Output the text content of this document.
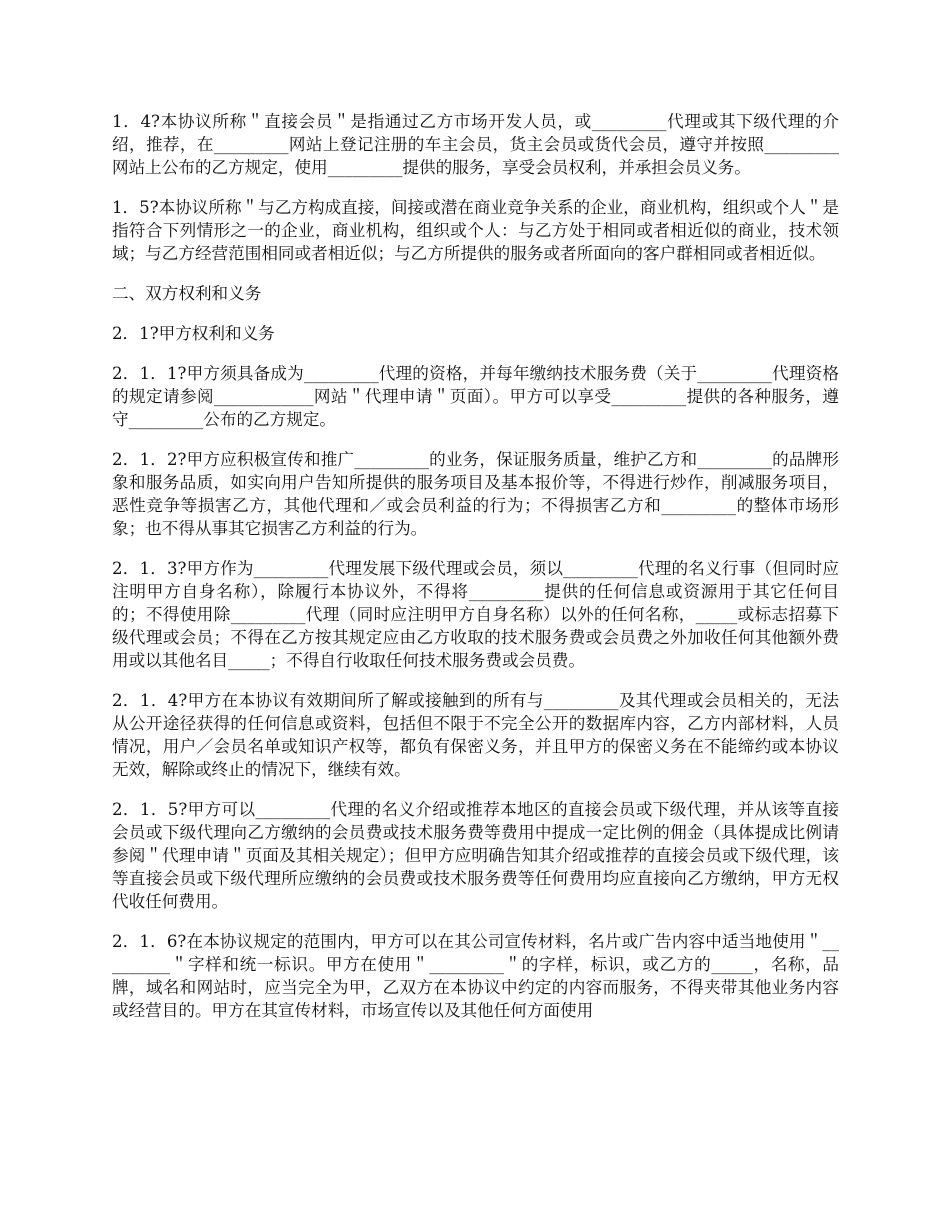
1．4?本协议所称＂直接会员＂是指通过乙方市场开发人员，或_________代理或其下级代理的介绍，推荐，在_________网站上登记注册的车主会员，货主会员或货代会员，遵守并按照_________网站上公布的乙方规定，使用_________提供的服务，享受会员权利，并承担会员义务。

1．5?本协议所称＂与乙方构成直接，间接或潜在商业竞争关系的企业，商业机构，组织或个人＂是指符合下列情形之一的企业，商业机构，组织或个人：与乙方处于相同或者相近似的商业，技术领域；与乙方经营范围相同或者相近似；与乙方所提供的服务或者所面向的客户群相同或者相近似。

二、双方权利和义务

2．1?甲方权利和义务

2．1．1?甲方须具备成为_________代理的资格，并每年缴纳技术服务费（关于_________代理资格的规定请参阅____________网站＂代理申请＂页面）。甲方可以享受_________提供的各种服务，遵守_________公布的乙方规定。

2．1．2?甲方应积极宣传和推广_________的业务，保证服务质量，维护乙方和_________的品牌形象和服务品质，如实向用户告知所提供的服务项目及基本报价等，不得进行炒作，削减服务项目，恶性竞争等损害乙方，其他代理和／或会员利益的行为；不得损害乙方和_________的整体市场形象；也不得从事其它损害乙方利益的行为。

2．1．3?甲方作为_________代理发展下级代理或会员，须以_________代理的名义行事（但同时应注明甲方自身名称），除履行本协议外，不得将_________提供的任何信息或资源用于其它任何目的；不得使用除_________代理（同时应注明甲方自身名称）以外的任何名称，_____或标志招募下级代理或会员；不得在乙方按其规定应由乙方收取的技术服务费或会员费之外加收任何其他额外费用或以其他名目_____；不得自行收取任何技术服务费或会员费。

2．1．4?甲方在本协议有效期间所了解或接触到的所有与_________及其代理或会员相关的，无法从公开途径获得的任何信息或资料，包括但不限于不完全公开的数据库内容，乙方内部材料，人员情况，用户／会员名单或知识产权等，都负有保密义务，并且甲方的保密义务在不能缔约或本协议无效，解除或终止的情况下，继续有效。

2．1．5?甲方可以_________代理的名义介绍或推荐本地区的直接会员或下级代理，并从该等直接会员或下级代理向乙方缴纳的会员费或技术服务费等费用中提成一定比例的佣金（具体提成比例请参阅＂代理申请＂页面及其相关规定）；但甲方应明确告知其介绍或推荐的直接会员或下级代理，该等直接会员或下级代理所应缴纳的会员费或技术服务费等任何费用均应直接向乙方缴纳，甲方无权代收任何费用。

2．1．6?在本协议规定的范围内，甲方可以在其公司宣传材料，名片或广告内容中适当地使用＂_________＂字样和统一标识。甲方在使用＂_________＂的字样，标识，或乙方的_____，名称，品牌，域名和网站时，应当完全为甲，乙双方在本协议中约定的内容而服务，不得夹带其他业务内容或经营目的。甲方在其宣传材料，市场宣传以及其他任何方面使用
